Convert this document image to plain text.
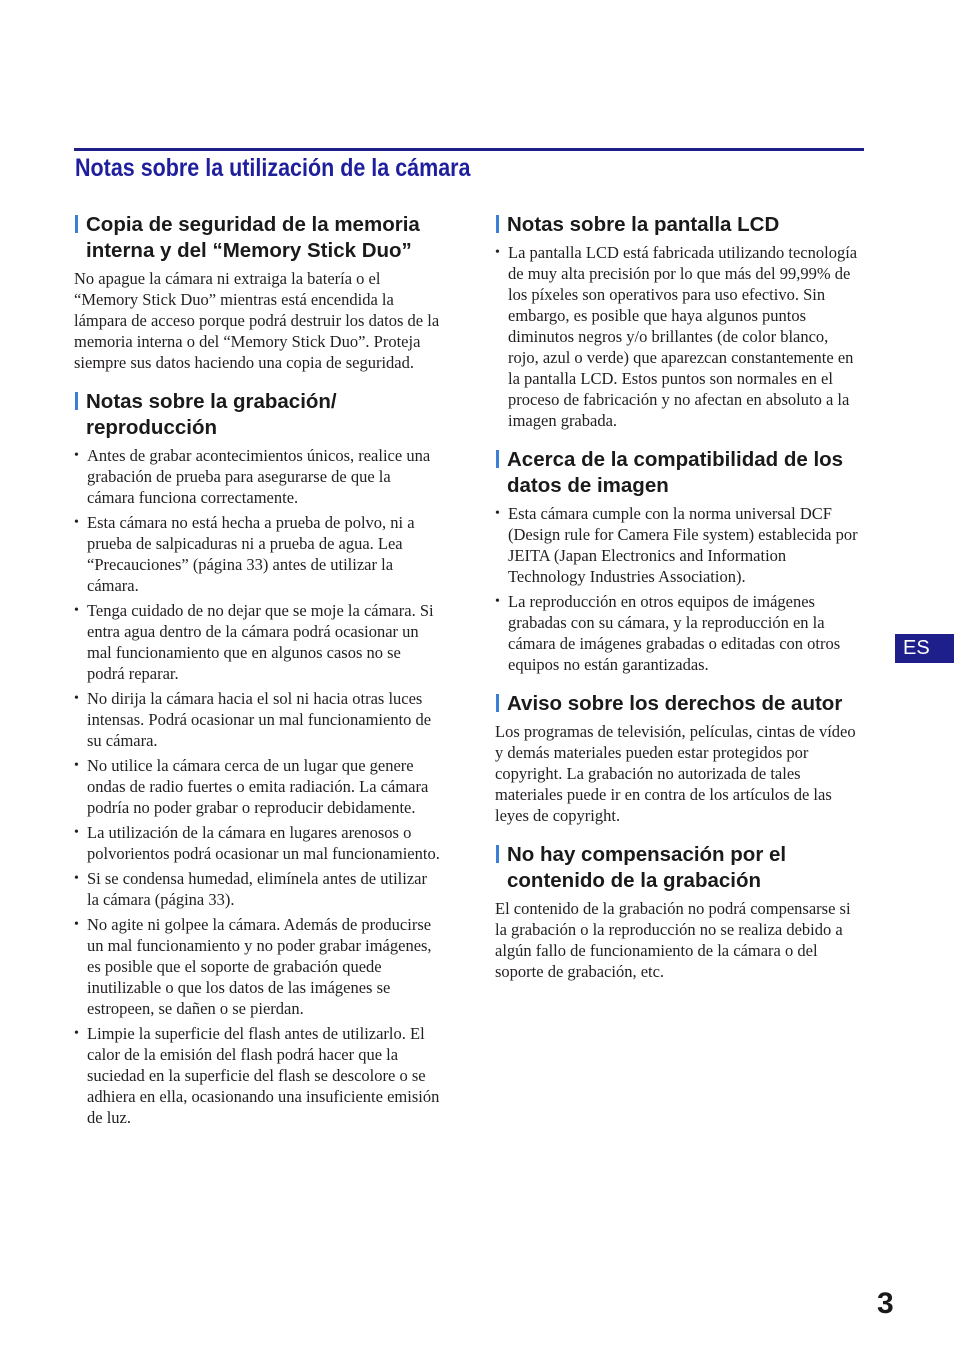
Notas sobre la utilización de la cámara
Copia de seguridad de la memoria interna y del “Memory Stick Duo”

No apague la cámara ni extraiga la batería o el “Memory Stick Duo” mientras está encendida la lámpara de acceso porque podrá destruir los datos de la memoria interna o del “Memory Stick Duo”. Proteja siempre sus datos haciendo una copia de seguridad.

Notas sobre la grabación/ reproducción
• Antes de grabar acontecimientos únicos, realice una grabación de prueba para asegurarse de que la cámara funciona correctamente.
• Esta cámara no está hecha a prueba de polvo, ni a prueba de salpicaduras ni a prueba de agua. Lea “Precauciones” (página 33) antes de utilizar la cámara.
• Tenga cuidado de no dejar que se moje la cámara. Si entra agua dentro de la cámara podrá ocasionar un mal funcionamiento que en algunos casos no se podrá reparar.
• No dirija la cámara hacia el sol ni hacia otras luces intensas. Podrá ocasionar un mal funcionamiento de su cámara.
• No utilice la cámara cerca de un lugar que genere ondas de radio fuertes o emita radiación. La cámara podría no poder grabar o reproducir debidamente.
• La utilización de la cámara en lugares arenosos o polvorientos podrá ocasionar un mal funcionamiento.
• Si se condensa humedad, elimínela antes de utilizar la cámara (página 33).
• No agite ni golpee la cámara. Además de producirse un mal funcionamiento y no poder grabar imágenes, es posible que el soporte de grabación quede inutilizable o que los datos de las imágenes se estropeen, se dañen o se pierdan.
• Limpie la superficie del flash antes de utilizarlo. El calor de la emisión del flash podrá hacer que la suciedad en la superficie del flash se descolore o se adhiera en ella, ocasionando una insuficiente emisión de luz.
Notas sobre la pantalla LCD
• La pantalla LCD está fabricada utilizando tecnología de muy alta precisión por lo que más del 99,99% de los píxeles son operativos para uso efectivo. Sin embargo, es posible que haya algunos puntos diminutos negros y/o brillantes (de color blanco, rojo, azul o verde) que aparezcan constantemente en la pantalla LCD. Estos puntos son normales en el proceso de fabricación y no afectan en absoluto a la imagen grabada.
Acerca de la compatibilidad de los datos de imagen
• Esta cámara cumple con la norma universal DCF (Design rule for Camera File system) establecida por JEITA (Japan Electronics and Information Technology Industries Association).
• La reproducción en otros equipos de imágenes grabadas con su cámara, y la reproducción en la cámara de imágenes grabadas o editadas con otros equipos no están garantizadas.
Aviso sobre los derechos de autor

Los programas de televisión, películas, cintas de vídeo y demás materiales pueden estar protegidos por copyright. La grabación no autorizada de tales materiales puede ir en contra de los artículos de las leyes de copyright.

No hay compensación por el contenido de la grabación

El contenido de la grabación no podrá compensarse si la grabación o la reproducción no se realiza debido a algún fallo de funcionamiento de la cámara o del soporte de grabación, etc.

ES
3
